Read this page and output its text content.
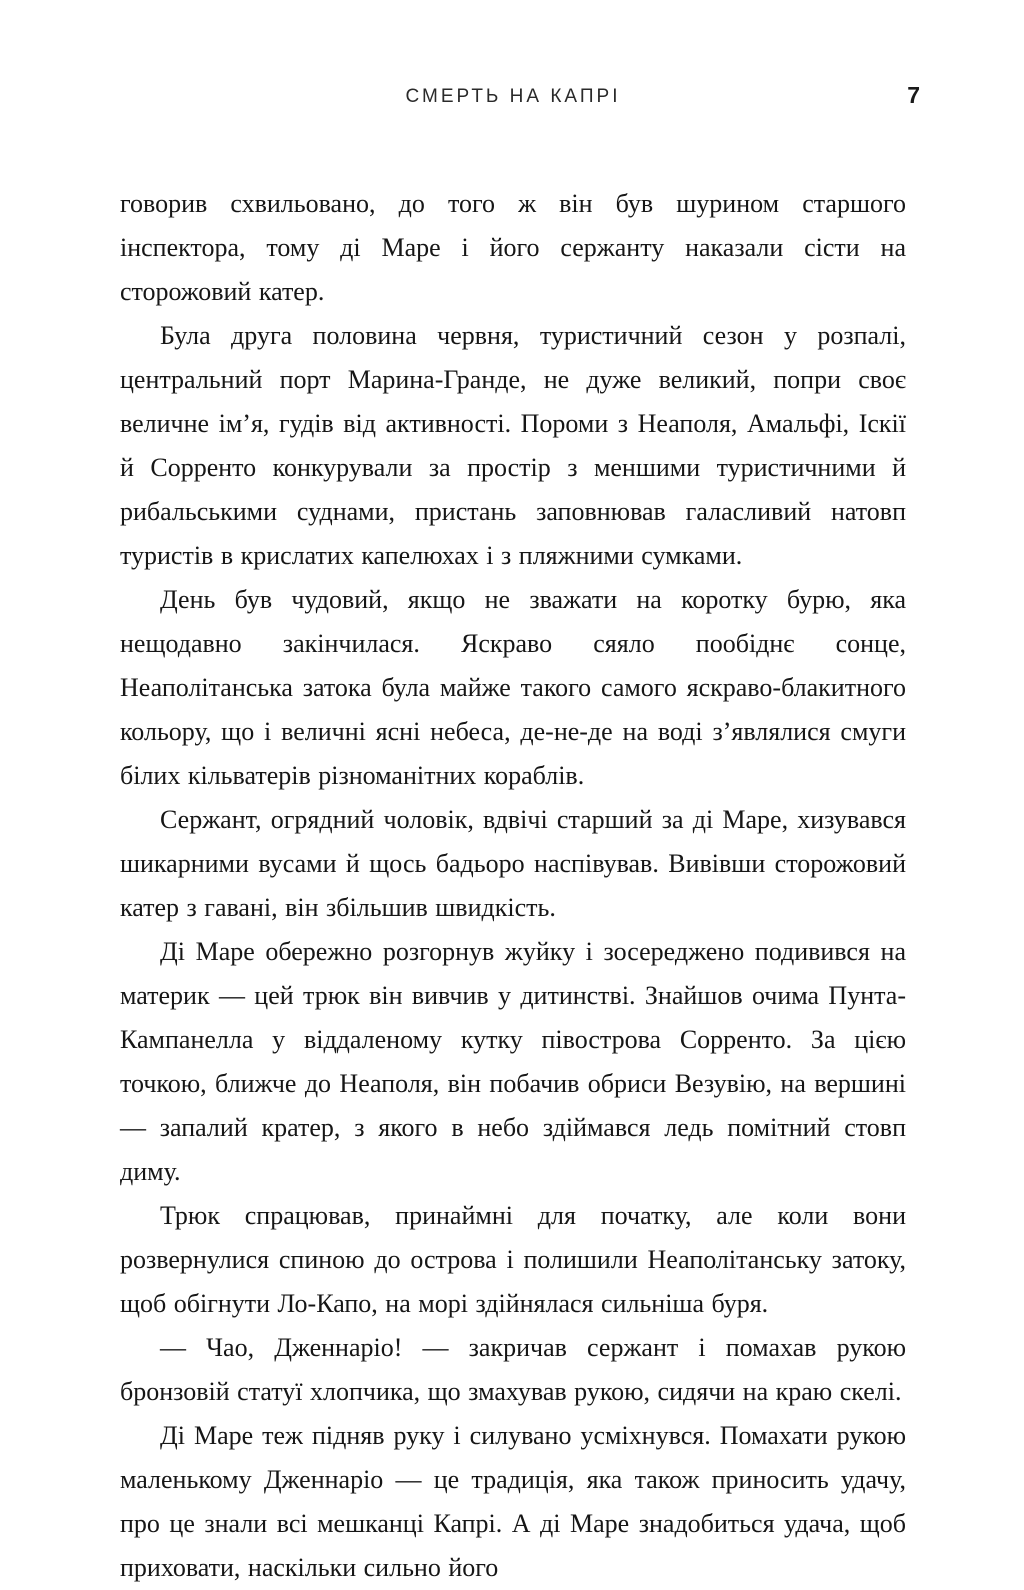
СМЕРТЬ НА КАПРІ	7

говорив схвильовано, до того ж він був шурином старшого інспектора, тому ді Маре і його сержанту наказали сісти на сторожовий катер.

Була друга половина червня, туристичний сезон у розпалі, центральний порт Марина-Гранде, не дуже великий, попри своє величне ім’я, гудів від активності. Пороми з Неаполя, Амальфі, Іскії й Сорренто конкурували за простір з меншими туристичними й рибальськими суднами, пристань заповнював галасливий натовп туристів в крислатих капелюхах і з пляжними сумками.

День був чудовий, якщо не зважати на коротку бурю, яка нещодавно закінчилася. Яскраво сяяло пообіднє сонце, Неаполітанська затока була майже такого самого яскраво-блакитного кольору, що і величні ясні небеса, де-не-де на воді з’являлися смуги білих кільватерів різноманітних кораблів.

Сержант, огрядний чоловік, вдвічі старший за ді Маре, хизувався шикарними вусами й щось бадьоро наспівував. Вивівши сторожовий катер з гавані, він збільшив швидкість.

Ді Маре обережно розгорнув жуйку і зосереджено подивився на материк — цей трюк він вивчив у дитинстві. Знайшов очима Пунта-Кампанелла у віддаленому кутку півострова Сорренто. За цією точкою, ближче до Неаполя, він побачив обриси Везувію, на вершині — запалий кратер, з якого в небо здіймався ледь помітний стовп диму.

Трюк спрацював, принаймні для початку, але коли вони розвернулися спиною до острова і полишили Неаполітанську затоку, щоб обігнути Ло-Капо, на морі здійнялася сильніша буря.

— Чао, Дженнаріо! — закричав сержант і помахав рукою бронзовій статуї хлопчика, що змахував рукою, сидячи на краю скелі.

Ді Маре теж підняв руку і силувано усміхнувся. Помахати рукою маленькому Дженнаріо — це традиція, яка також приносить удачу, про це знали всі мешканці Капрі. А ді Маре знадобиться удача, щоб приховати, наскільки сильно його
